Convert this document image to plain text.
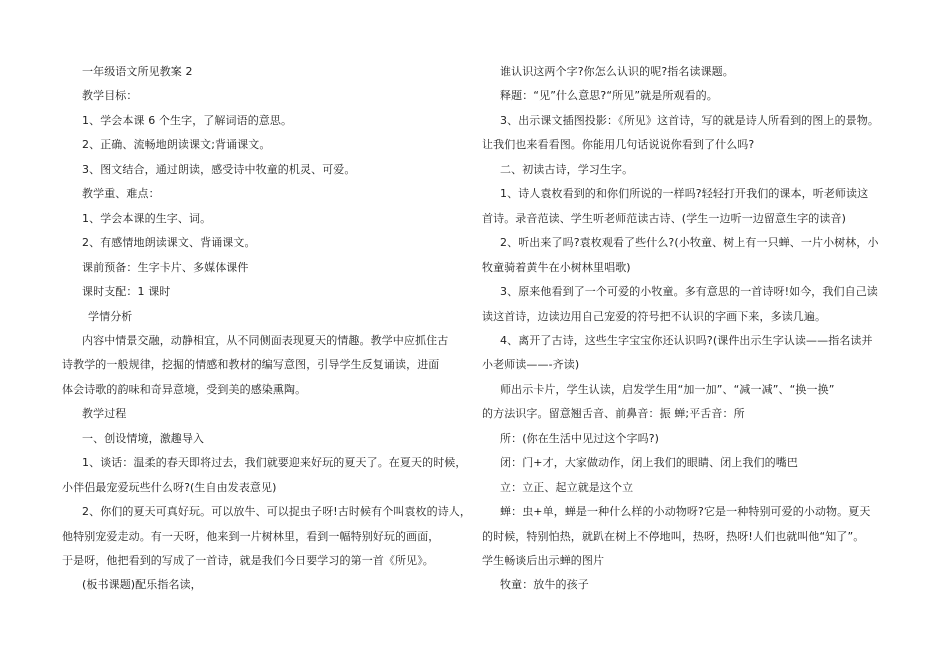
一年级语文所见教案 2
教学目标：
1、学会本课 6 个生字，了解词语的意思。
2、正确、流畅地朗读课文;背诵课文。
3、图文结合，通过朗读，感受诗中牧童的机灵、可爱。
教学重、难点：
1、学会本课的生字、词。
2、有感情地朗读课文、背诵课文。
课前预备：生字卡片、多媒体课件
课时支配：1 课时
学情分析
内容中情景交融，动静相宜，从不同侧面表现夏天的情趣。教学中应抓住古
诗教学的一般规律，挖掘的情感和教材的编写意图，引导学生反复诵读，进面
体会诗歌的韵味和奇异意境，受到美的感染熏陶。
教学过程
一、创设情境，激趣导入
1、谈话：温柔的春天即将过去，我们就要迎来好玩的夏天了。在夏天的时候，
小伴侣最宠爱玩些什么呀?(生自由发表意见)
2、你们的夏天可真好玩。可以放牛、可以捉虫子呀!古时候有个叫袁枚的诗人，
他特别宠爱走动。有一天呀，他来到一片树林里，看到一幅特别好玩的画面，
于是呀，他把看到的写成了一首诗，就是我们今日要学习的第一首《所见》。
(板书课题)配乐指名读，
谁认识这两个字?你怎么认识的呢?指名读课题。
释题：“见”什么意思?“所见”就是所观看的。
3、出示课文插图投影：《所见》这首诗，写的就是诗人所看到的图上的景物。
让我们也来看看图。你能用几句话说说你看到了什么吗?
二、初读古诗，学习生字。
1、诗人袁枚看到的和你们所说的一样吗?轻轻打开我们的课本，听老师读这
首诗。录音范读、学生听老师范读古诗、(学生一边听一边留意生字的读音)
2、听出来了吗?袁枚观看了些什么?(小牧童、树上有一只蝉、一片小树林，小
牧童骑着黄牛在小树林里唱歌)
3、原来他看到了一个可爱的小牧童。多有意思的一首诗呀!如今，我们自己读
读这首诗，边读边用自己宠爱的符号把不认识的字画下来，多读几遍。
4、离开了古诗，这些生字宝宝你还认识吗?(课件出示生字认读——指名读并
小老师读——-齐读)
师出示卡片，学生认读，启发学生用“加一加”、“减一减”、“换一换”
的方法识字。留意翘舌音、前鼻音：振 蝉;平舌音：所
所：(你在生活中见过这个字吗?)
闭：门+才，大家做动作，闭上我们的眼睛、闭上我们的嘴巴
立：立正、起立就是这个立
蝉：虫+单，蝉是一种什么样的小动物呀?它是一种特别可爱的小动物。夏天
的时候，特别怕热，就趴在树上不停地叫，热呀，热呀!人们也就叫他“知了”。
学生畅谈后出示蝉的图片
牧童：放牛的孩子
